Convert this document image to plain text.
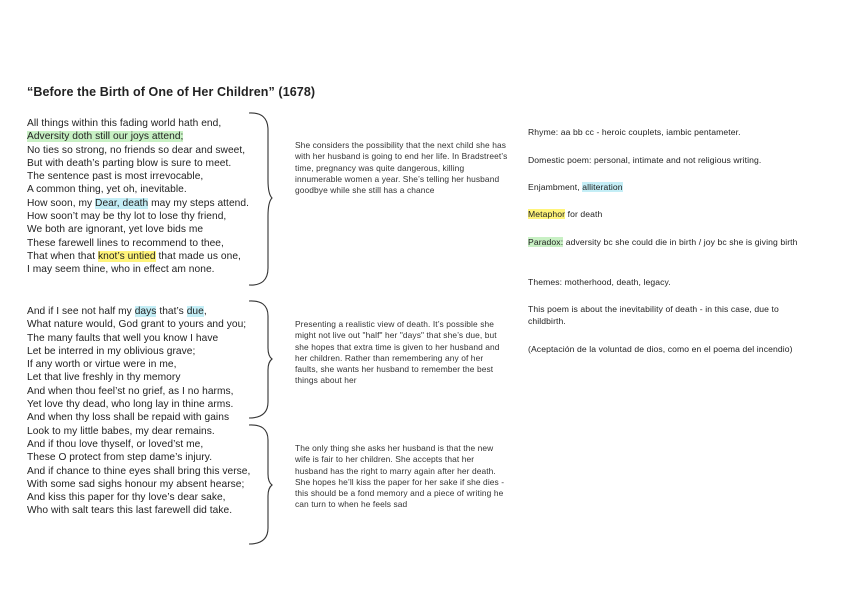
“Before the Birth of One of Her Children” (1678)
All things within this fading world hath end,
Adversity doth still our joys attend;
No ties so strong, no friends so dear and sweet,
But with death’s parting blow is sure to meet.
The sentence past is most irrevocable,
A common thing, yet oh, inevitable.
How soon, my Dear, death may my steps attend.
How soon’t may be thy lot to lose thy friend,
We both are ignorant, yet love bids me
These farewell lines to recommend to thee,
That when that knot’s untied that made us one,
I may seem thine, who in effect am none.
And if I see not half my days that’s due,
What nature would, God grant to yours and you;
The many faults that well you know I have
Let be interred in my oblivious grave;
If any worth or virtue were in me,
Let that live freshly in thy memory
And when thou feel’st no grief, as I no harms,
Yet love thy dead, who long lay in thine arms.
And when thy loss shall be repaid with gains
Look to my little babes, my dear remains.
And if thou love thyself, or loved’st me,
These O protect from step dame’s injury.
And if chance to thine eyes shall bring this verse,
With some sad sighs honour my absent hearse;
And kiss this paper for thy love’s dear sake,
Who with salt tears this last farewell did take.
She considers the possibility that the next child she has with her husband is going to end her life. In Bradstreet’s time, pregnancy was quite dangerous, killing innumerable women a year. She’s telling her husband goodbye while she still has a chance
Presenting a realistic view of death. It’s possible she might not live out "half" her "days" that she’s due, but she hopes that extra time is given to her husband and her children. Rather than remembering any of her faults, she wants her husband to remember the best things about her
The only thing she asks her husband is that the new wife is fair to her children. She accepts that her husband has the right to marry again after her death. She hopes he’ll kiss the paper for her sake if she dies - this should be a fond memory and a piece of writing he can turn to when he feels sad
Rhyme: aa bb cc - heroic couplets, iambic pentameter.
Domestic poem: personal, intimate and not religious writing.
Enjambment, alliteration
Metaphor for death
Paradox: adversity bc she could die in birth / joy bc she is giving birth
Themes: motherhood, death, legacy.
This poem is about the inevitability of death - in this case, due to childbirth.
(Aceptación de la voluntad de dios, como en el poema del incendio)
